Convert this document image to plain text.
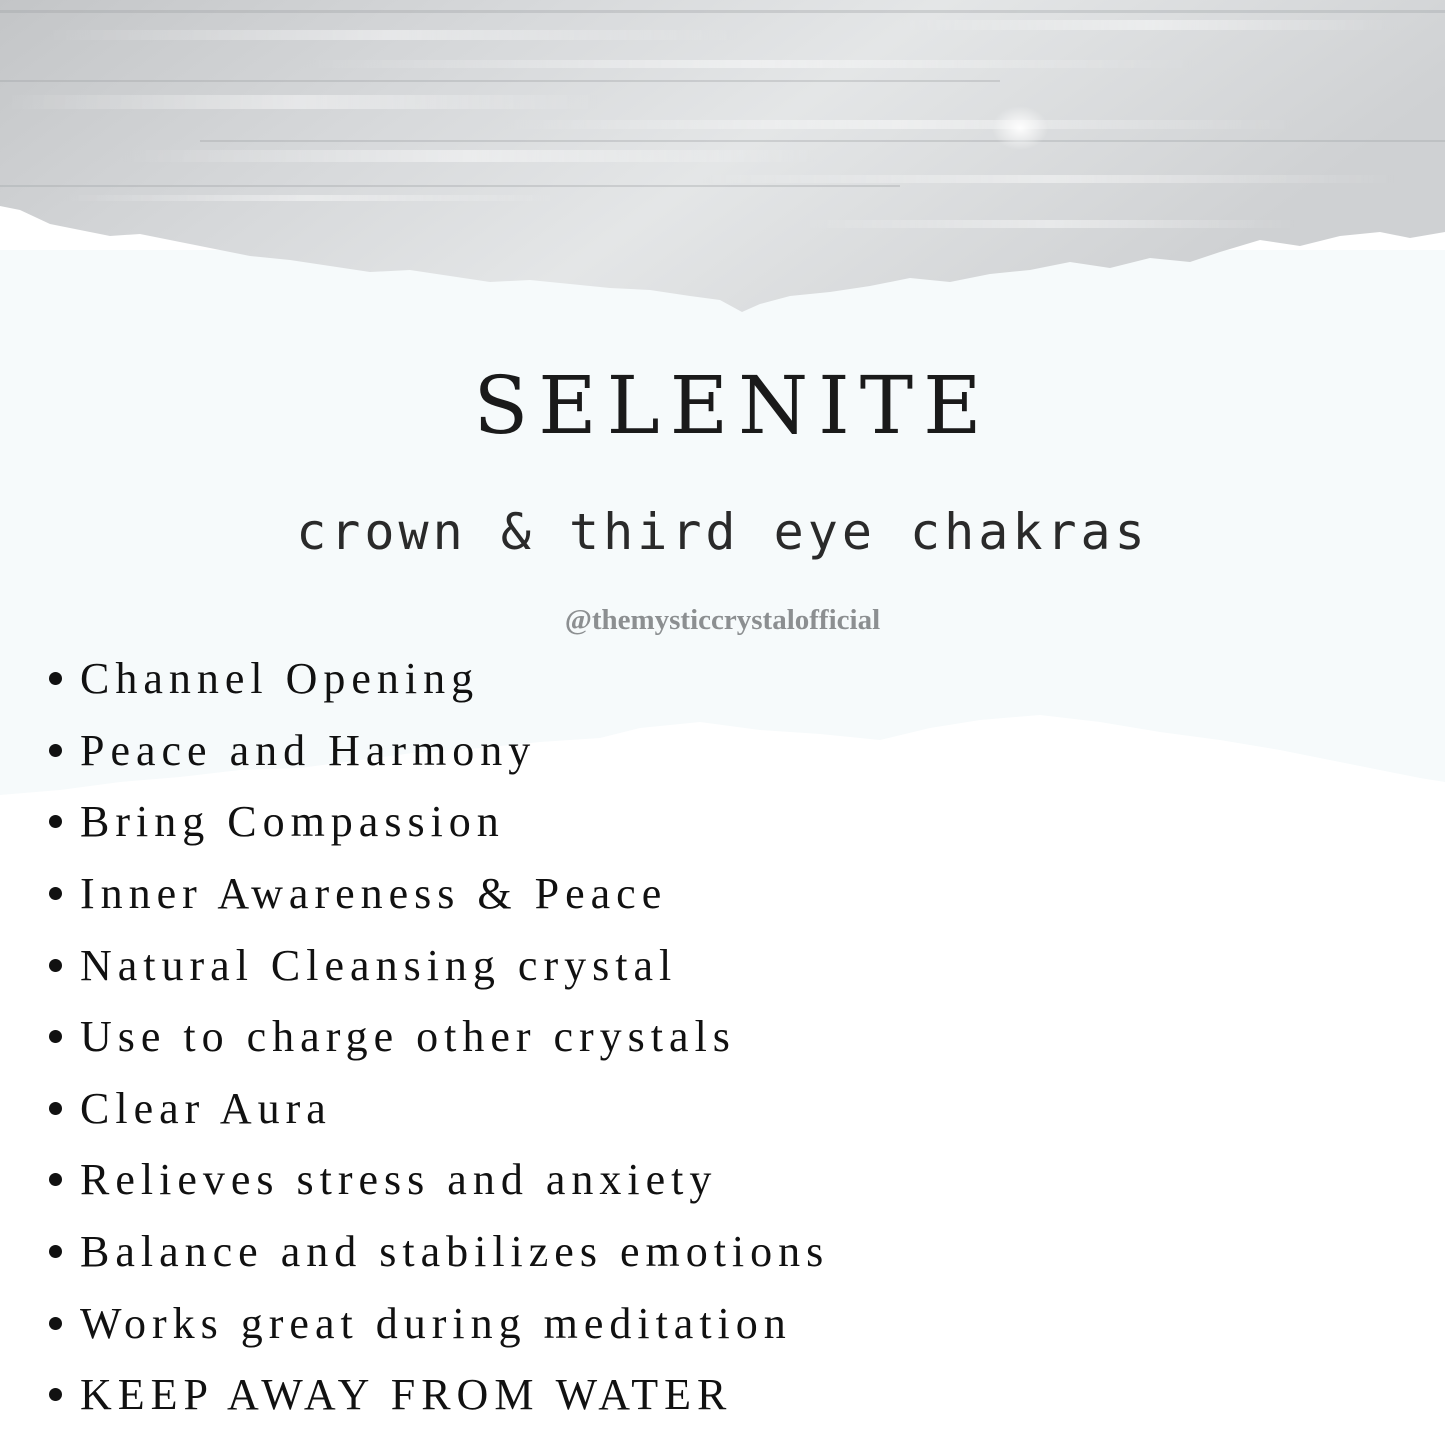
SELENITE
crown & third eye chakras
@themysticcrystalofficial
Channel Opening
Peace and Harmony
Bring Compassion
Inner Awareness & Peace
Natural Cleansing crystal
Use to charge other crystals
Clear Aura
Relieves stress and anxiety
Balance and stabilizes emotions
Works great during meditation
KEEP AWAY FROM WATER
